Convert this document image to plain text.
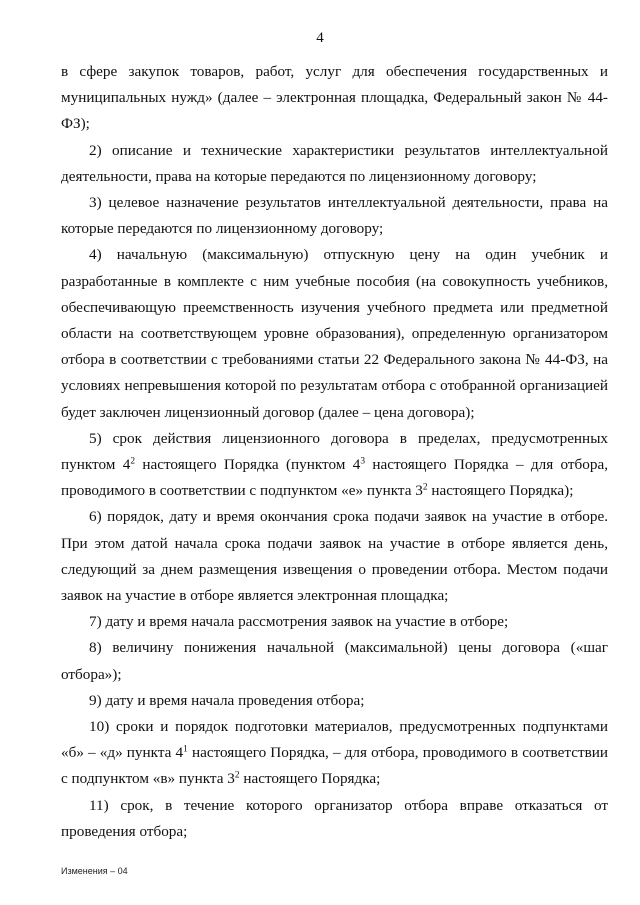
4

в сфере закупок товаров, работ, услуг для обеспечения государственных и муниципальных нужд» (далее – электронная площадка, Федеральный закон № 44-ФЗ);

2) описание и технические характеристики результатов интеллектуальной деятельности, права на которые передаются по лицензионному договору;

3) целевое назначение результатов интеллектуальной деятельности, права на которые передаются по лицензионному договору;

4) начальную (максимальную) отпускную цену на один учебник и разработанные в комплекте с ним учебные пособия (на совокупность учебников, обеспечивающую преемственность изучения учебного предмета или предметной области на соответствующем уровне образования), определенную организатором отбора в соответствии с требованиями статьи 22 Федерального закона № 44-ФЗ, на условиях непревышения которой по результатам отбора с отобранной организацией будет заключен лицензионный договор (далее – цена договора);

5) срок действия лицензионного договора в пределах, предусмотренных пунктом $4^2$ настоящего Порядка (пунктом $4^3$ настоящего Порядка – для отбора, проводимого в соответствии с подпунктом «е» пункта $3^2$ настоящего Порядка);

6) порядок, дату и время окончания срока подачи заявок на участие в отборе. При этом датой начала срока подачи заявок на участие в отборе является день, следующий за днем размещения извещения о проведении отбора. Местом подачи заявок на участие в отборе является электронная площадка;

7) дату и время начала рассмотрения заявок на участие в отборе;

8) величину понижения начальной (максимальной) цены договора («шаг отбора»);

9) дату и время начала проведения отбора;

10) сроки и порядок подготовки материалов, предусмотренных подпунктами «б» – «д» пункта $4^1$ настоящего Порядка, – для отбора, проводимого в соответствии с подпунктом «в» пункта $3^2$ настоящего Порядка;

11) срок, в течение которого организатор отбора вправе отказаться от проведения отбора;

Изменения – 04
